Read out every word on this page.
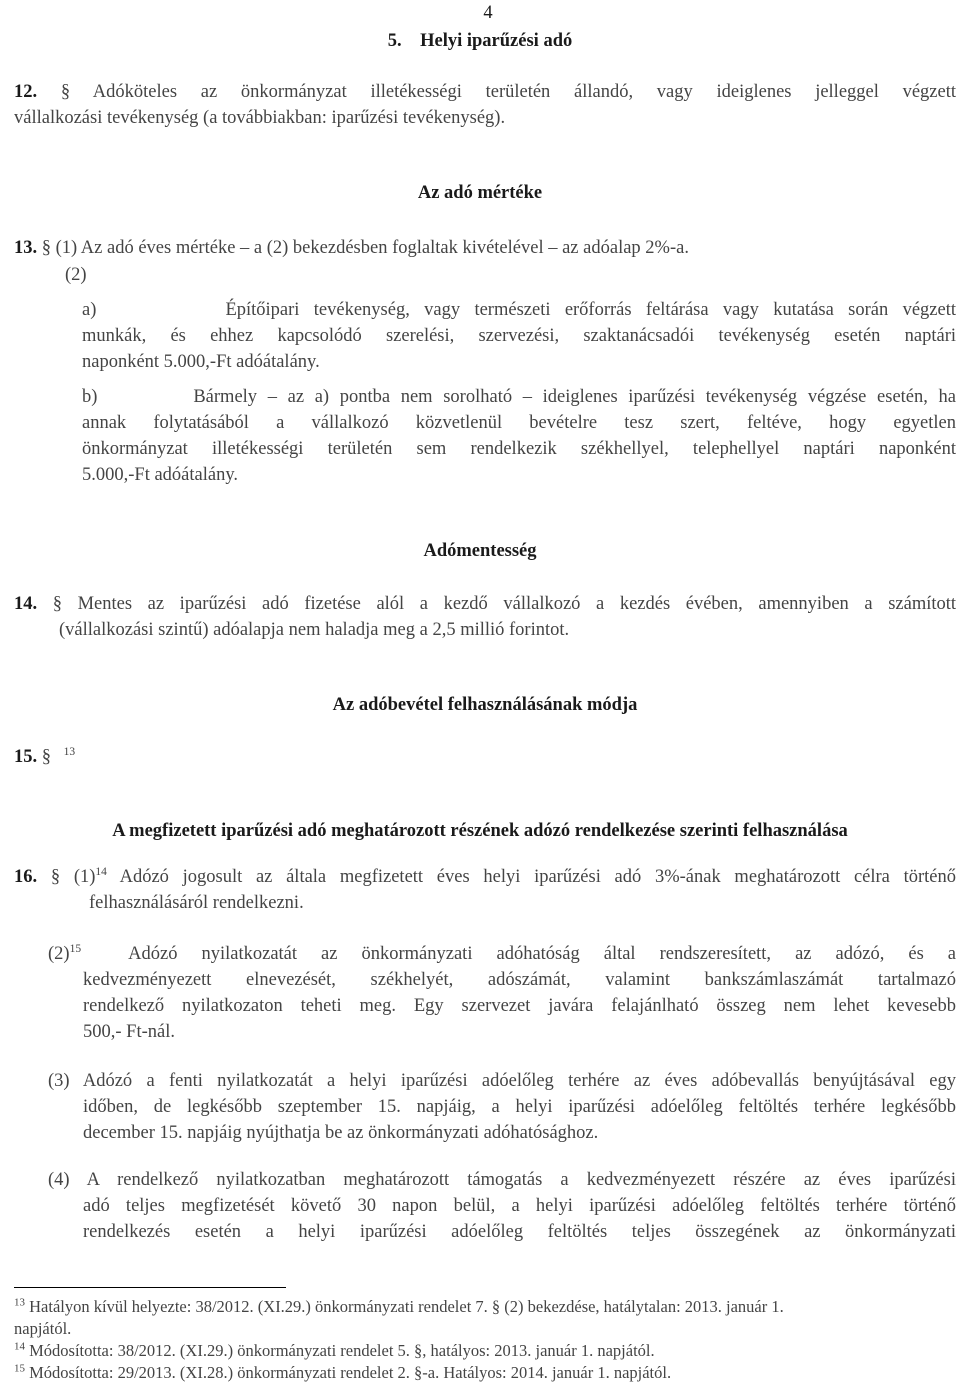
4
5. Helyi iparűzési adó
12. § Adóköteles az önkormányzat illetékességi területén állandó, vagy ideiglenes jelleggel végzett
vállalkozási tevékenység (a továbbiakban: iparűzési tevékenység).
Az adó mértéke
13. § (1) Az adó éves mértéke – a (2) bekezdésben foglaltak kivételével – az adóalap 2%-a.
(2)
a)	Építőipari tevékenység, vagy természeti erőforrás feltárása vagy kutatása során végzett
munkák, és ehhez kapcsolódó szerelési, szervezési, szaktanácsadói tevékenység esetén naptári
naponként 5.000,-Ft adóátalány.
b)	Bármely – az a) pontba nem sorolható – ideiglenes iparűzési tevékenység végzése esetén, ha
annak folytatásából a vállalkozó közvetlenül bevételre tesz szert, feltéve, hogy egyetlen
önkormányzat illetékességi területén sem rendelkezik székhellyel, telephellyel naptári naponként
5.000,-Ft adóátalány.
Adómentesség
14. § Mentes az iparűzési adó fizetése alól a kezdő vállalkozó a kezdés évében, amennyiben a számított
(vállalkozási szintű) adóalapja nem haladja meg a 2,5 millió forintot.
Az adóbevétel felhasználásának módja
15. § $^{13}$
A megfizetett iparűzési adó meghatározott részének adózó rendelkezése szerinti felhasználása
16. § $(1)^{14}$ Adózó jogosult az általa megfizetett éves helyi iparűzési adó 3%-ának meghatározott célra történő
felhasználásáról rendelkezni.
$(2)^{15}$	Adózó nyilatkozatát az önkormányzati adóhatóság által rendszeresített, az adózó, és a
kedvezményezett elnevezését, székhelyét, adószámát, valamint bankszámlaszámát tartalmazó
rendelkező nyilatkozaton teheti meg. Egy szervezet javára felajánlható összeg nem lehet kevesebb
500,- Ft-nál.
(3) Adózó a fenti nyilatkozatát a helyi iparűzési adóelőleg terhére az éves adóbevallás benyújtásával egy
időben, de legkésőbb szeptember 15. napjáig, a helyi iparűzési adóelőleg feltöltés terhére legkésőbb
december 15. napjáig nyújthatja be az önkormányzati adóhatósághoz.
(4) A rendelkező nyilatkozatban meghatározott támogatás a kedvezményezett részére az éves iparűzési
adó teljes megfizetését követő 30 napon belül, a helyi iparűzési adóelőleg feltöltés terhére történő
rendelkezés esetén a helyi iparűzési adóelőleg feltöltés teljes összegének az önkormányzati
$^{13}$ Hatályon kívül helyezte: 38/2012. (XI.29.) önkormányzati rendelet 7. § (2) bekezdése, hatálytalan: 2013. január 1.
napjától.
$^{14}$ Módosította: 38/2012. (XI.29.) önkormányzati rendelet 5. §, hatályos: 2013. január 1. napjától.
$^{15}$ Módosította: 29/2013. (XI.28.) önkormányzati rendelet 2. §-a. Hatályos: 2014. január 1. napjától.
